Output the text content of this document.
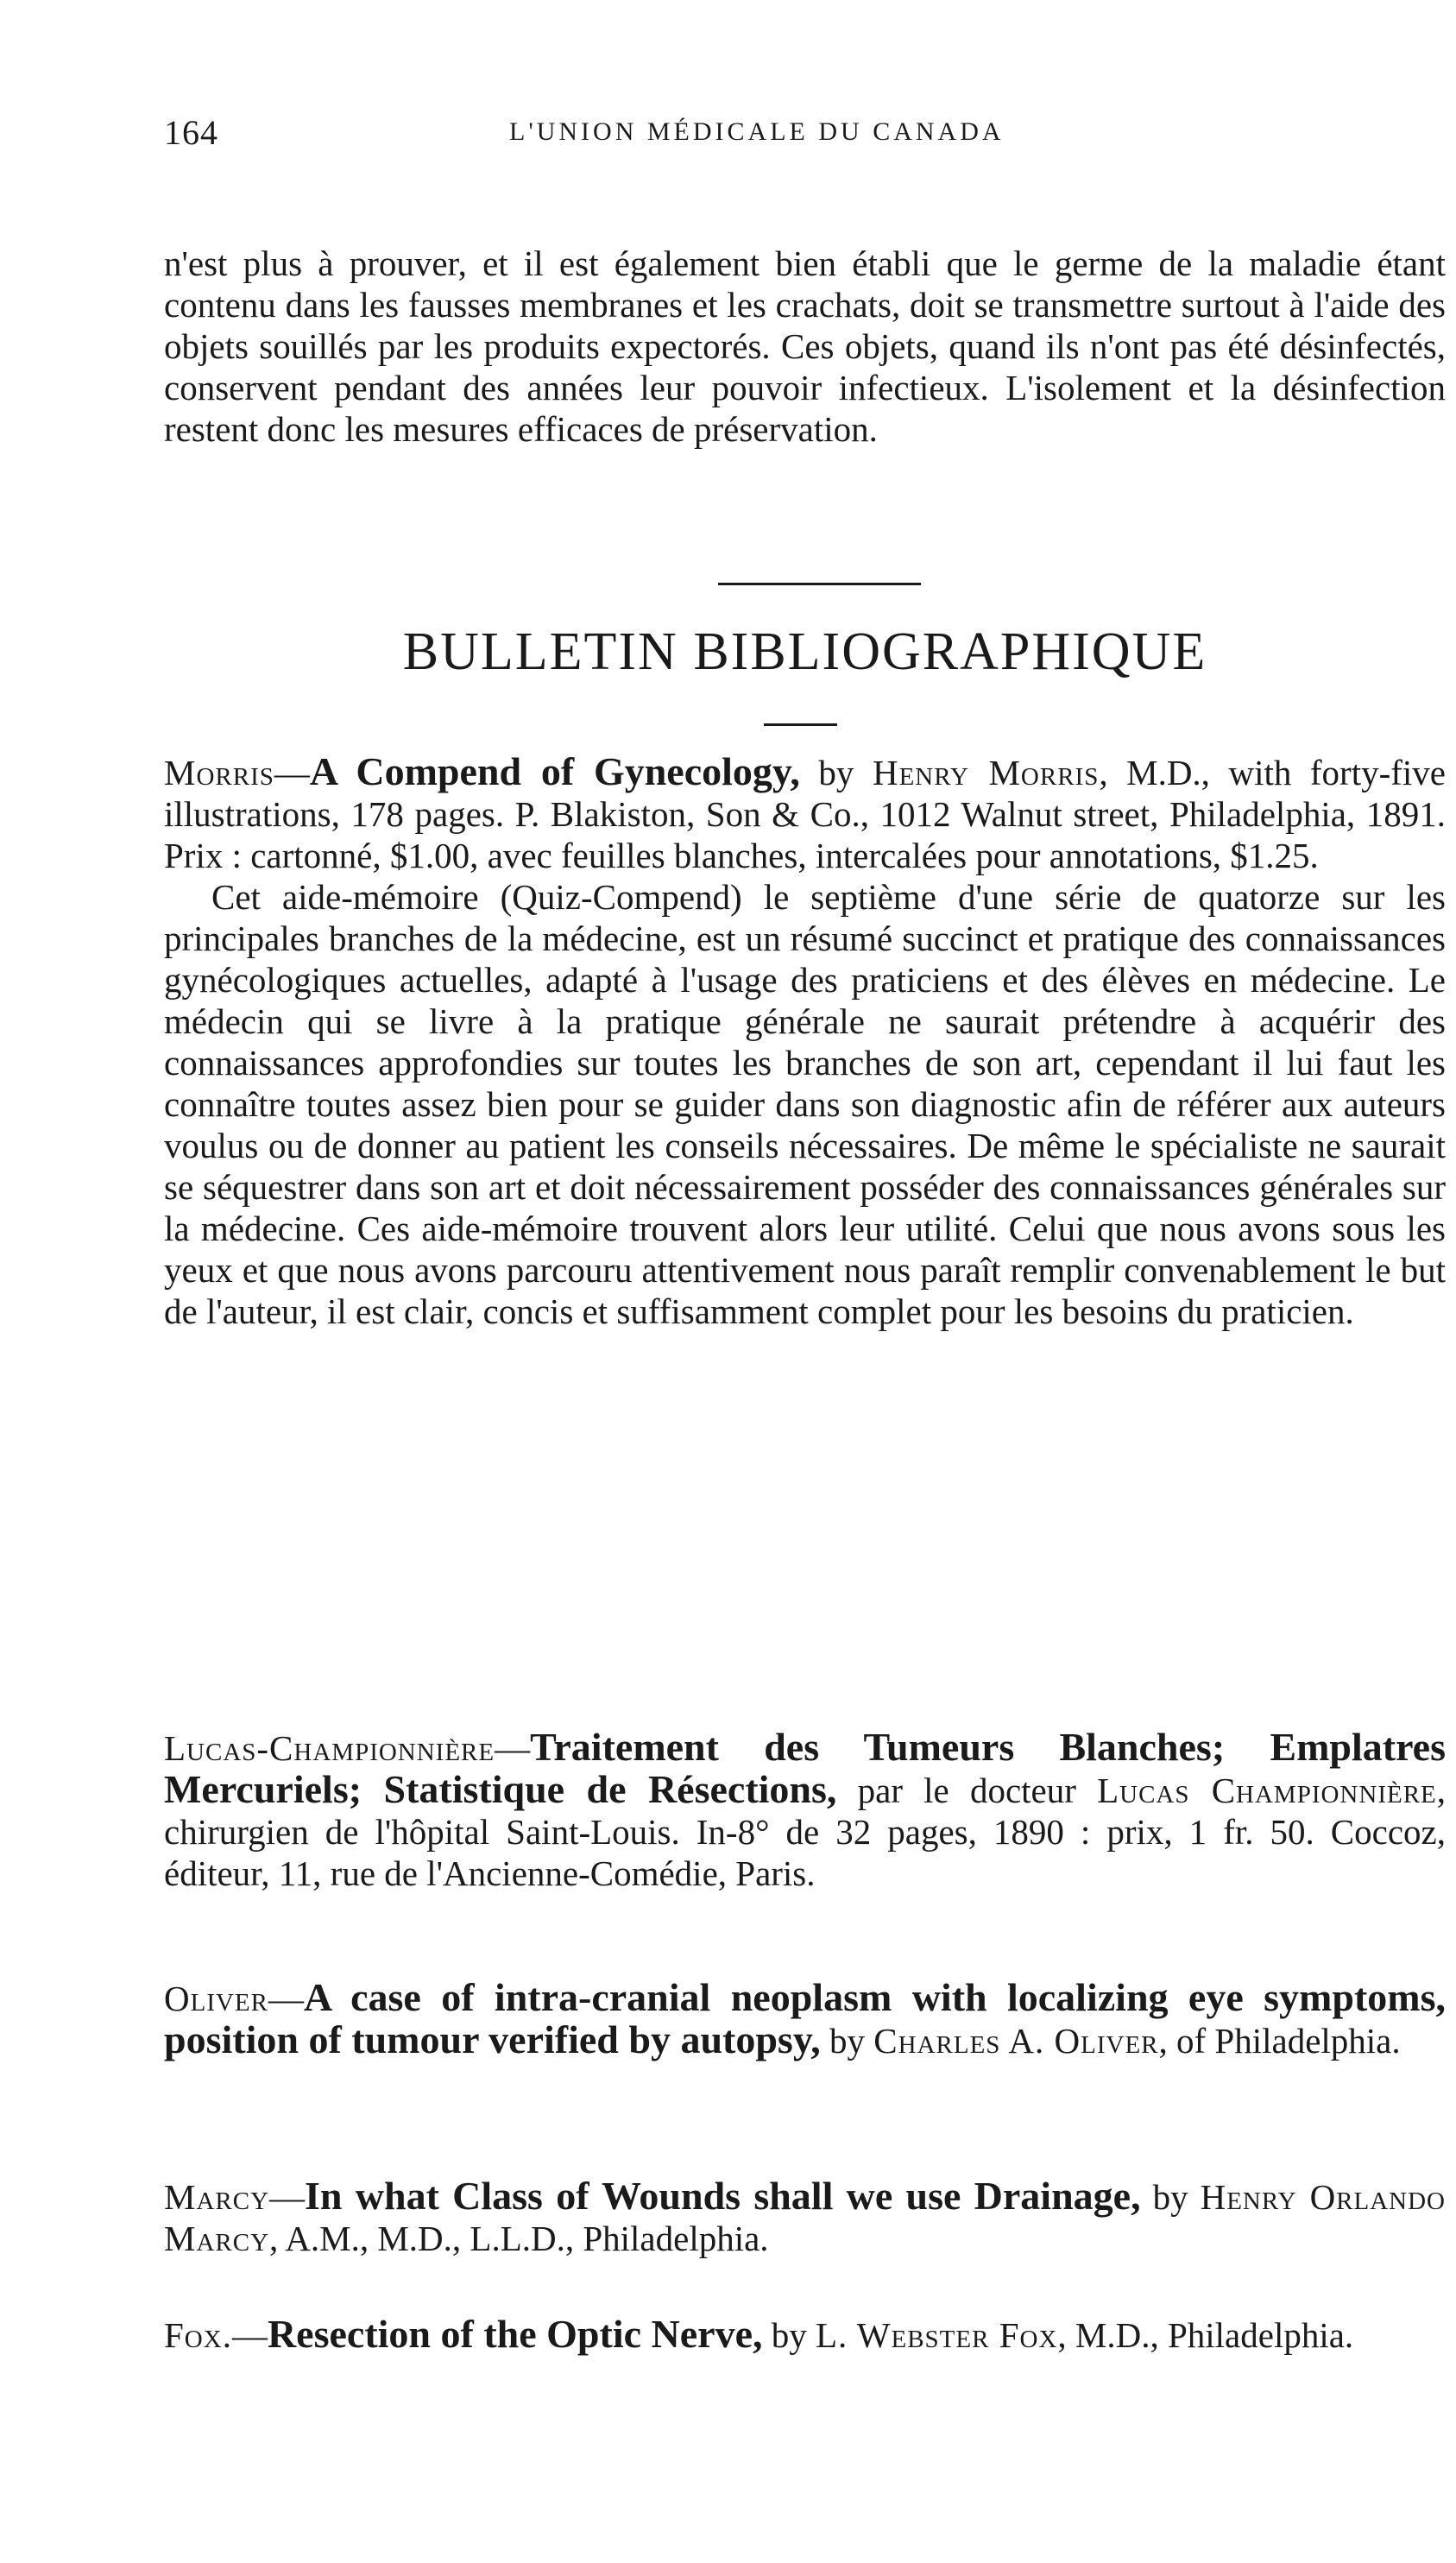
164	L'UNION MÉDICALE DU CANADA

n'est plus à prouver, et il est également bien établi que le germe de la maladie étant contenu dans les fausses membranes et les crachats, doit se transmettre surtout à l'aide des objets souillés par les produits expectorés. Ces objets, quand ils n'ont pas été désinfectés, conservent pendant des années leur pouvoir infectieux. L'isolement et la désinfection restent donc les mesures efficaces de préservation.

BULLETIN BIBLIOGRAPHIQUE

Morris—A Compend of Gynecology, by Henry Morris, M.D., with forty-five illustrations, 178 pages. P. Blakiston, Son & Co., 1012 Walnut street, Philadelphia, 1891. Prix : cartonné, $1.00, avec feuilles blanches, intercalées pour annotations, $1.25.

Cet aide-mémoire (Quiz-Compend) le septième d'une série de quatorze sur les principales branches de la médecine, est un résumé succinct et pratique des connaissances gynécologiques actuelles, adapté à l'usage des praticiens et des élèves en médecine. Le médecin qui se livre à la pratique générale ne saurait prétendre à acquérir des connaissances approfondies sur toutes les branches de son art, cependant il lui faut les connaître toutes assez bien pour se guider dans son diagnostic afin de référer aux auteurs voulus ou de donner au patient les conseils nécessaires. De même le spécialiste ne saurait se séquestrer dans son art et doit nécessairement posséder des connaissances générales sur la médecine. Ces aide-mémoire trouvent alors leur utilité. Celui que nous avons sous les yeux et que nous avons parcouru attentivement nous paraît remplir convenablement le but de l'auteur, il est clair, concis et suffisamment complet pour les besoins du praticien.

Lucas-Championnière—Traitement des Tumeurs Blanches; Emplatres Mercuriels; Statistique de Résections, par le docteur Lucas Championnière, chirurgien de l'hôpital Saint-Louis. In-8° de 32 pages, 1890 : prix, 1 fr. 50. Coccoz, éditeur, 11, rue de l'Ancienne-Comédie, Paris.

Oliver—A case of intra-cranial neoplasm with localizing eye symptoms, position of tumour verified by autopsy, by Charles A. Oliver, of Philadelphia.

Marcy—In what Class of Wounds shall we use Drainage, by Henry Orlando Marcy, A.M., M.D., L.L.D., Philadelphia.

Fox.—Resection of the Optic Nerve, by L. Webster Fox, M.D., Philadelphia.
